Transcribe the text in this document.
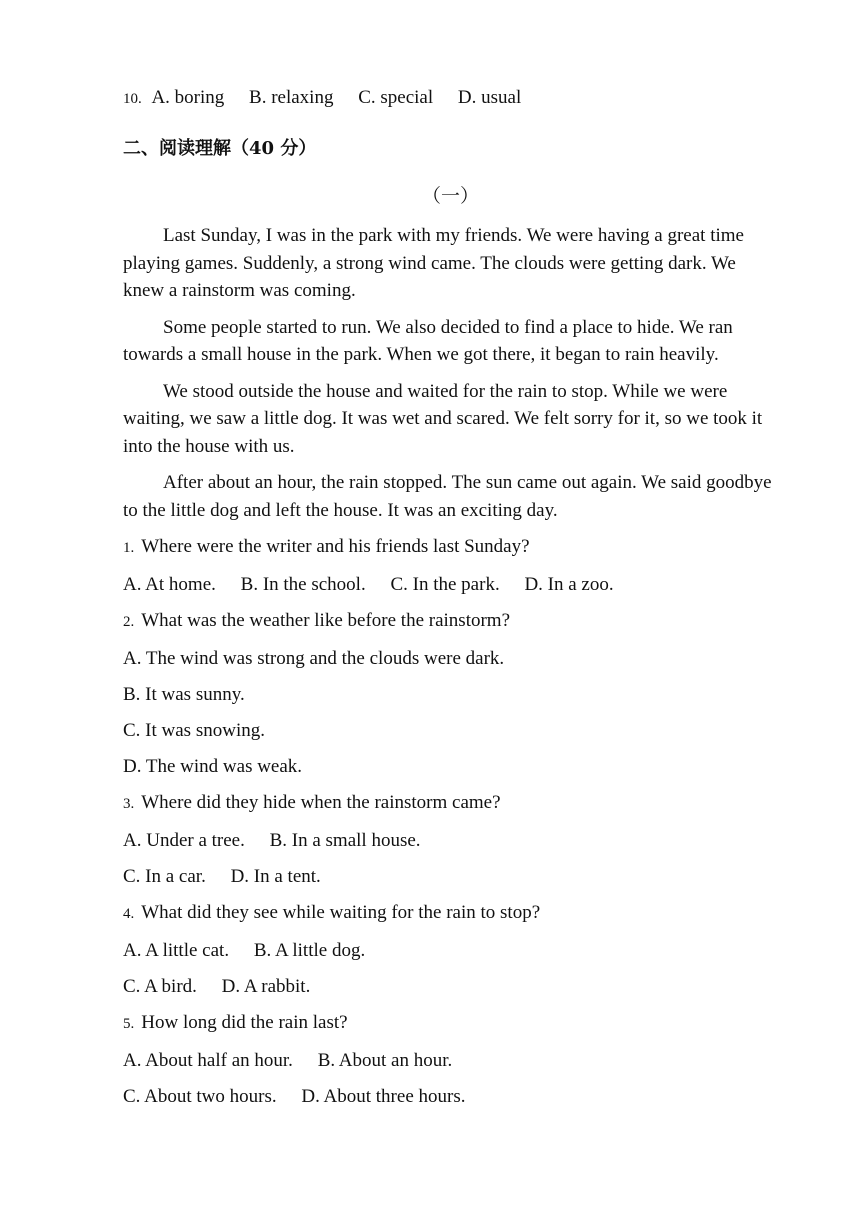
10. A. boring B. relaxing C. special D. usual
二、阅读理解（40 分）
（一）

Last Sunday, I was in the park with my friends. We were having a great time playing games. Suddenly, a strong wind came. The clouds were getting dark. We knew a rainstorm was coming.

Some people started to run. We also decided to find a place to hide. We ran towards a small house in the park. When we got there, it began to rain heavily.

We stood outside the house and waited for the rain to stop. While we were waiting, we saw a little dog. It was wet and scared. We felt sorry for it, so we took it into the house with us.

After about an hour, the rain stopped. The sun came out again. We said goodbye to the little dog and left the house. It was an exciting day.

1. Where were the writer and his friends last Sunday?
A. At home. B. In the school. C. In the park. D. In a zoo.
2. What was the weather like before the rainstorm?
A. The wind was strong and the clouds were dark.
B. It was sunny.
C. It was snowing.
D. The wind was weak.
3. Where did they hide when the rainstorm came?
A. Under a tree. B. In a small house.
C. In a car. D. In a tent.
4. What did they see while waiting for the rain to stop?
A. A little cat. B. A little dog.
C. A bird. D. A rabbit.
5. How long did the rain last?
A. About half an hour. B. About an hour.
C. About two hours. D. About three hours.
